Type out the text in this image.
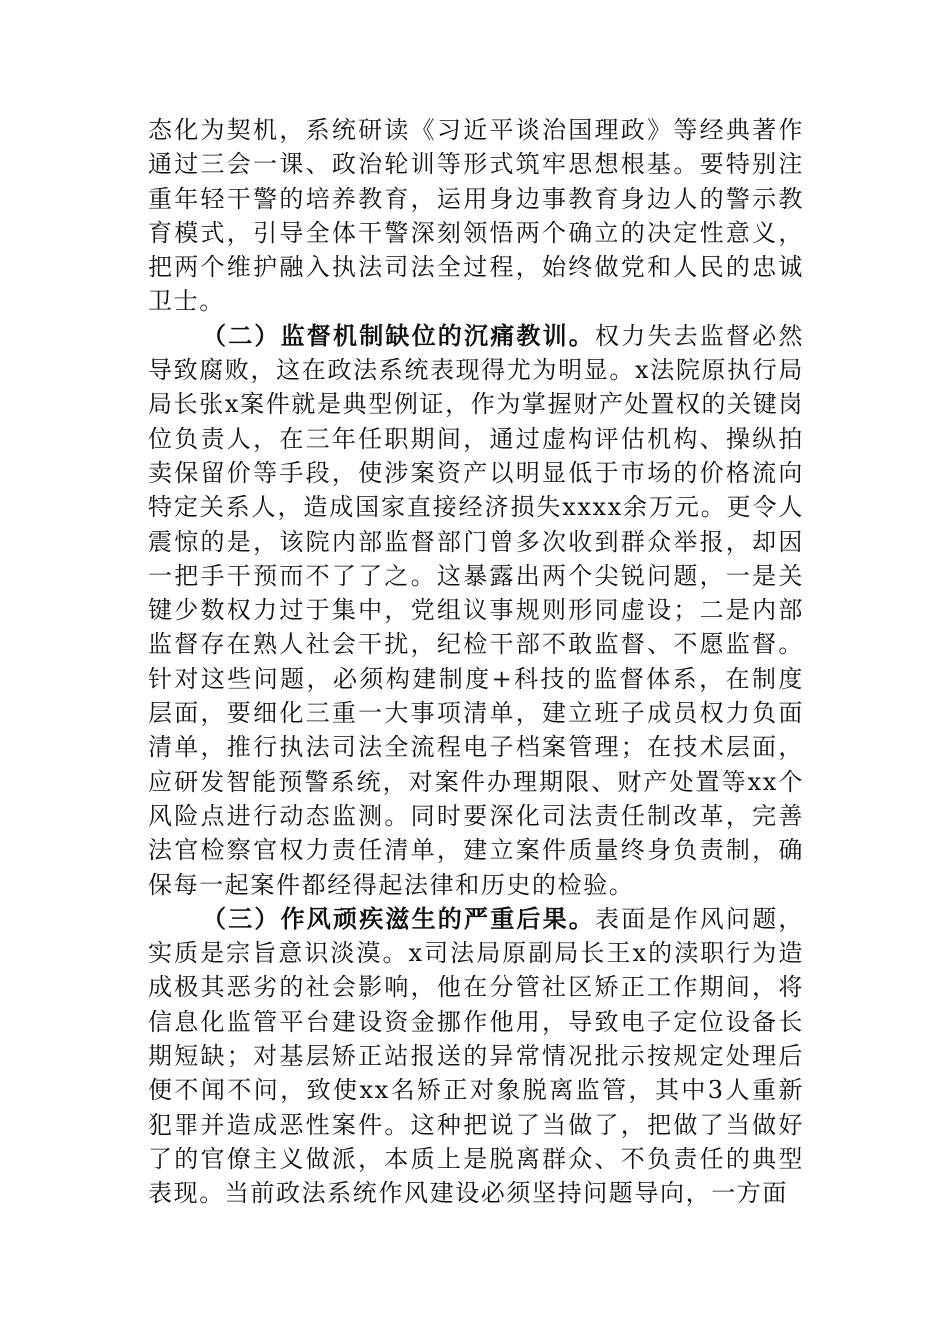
态化为契机，系统研读《习近平谈治国理政》等经典著作通过三会一课、政治轮训等形式筑牢思想根基。要特别注重年轻干警的培养教育，运用身边事教育身边人的警示教育模式，引导全体干警深刻领悟两个确立的决定性意义，把两个维护融入执法司法全过程，始终做党和人民的忠诚卫士。

（二）监督机制缺位的沉痛教训。权力失去监督必然导致腐败，这在政法系统表现得尤为明显。x法院原执行局局长张x案件就是典型例证，作为掌握财产处置权的关键岗位负责人，在三年任职期间，通过虚构评估机构、操纵拍卖保留价等手段，使涉案资产以明显低于市场的价格流向特定关系人，造成国家直接经济损失xxxx余万元。更令人震惊的是，该院内部监督部门曾多次收到群众举报，却因一把手干预而不了了之。这暴露出两个尖锐问题，一是关键少数权力过于集中，党组议事规则形同虚设；二是内部监督存在熟人社会干扰，纪检干部不敢监督、不愿监督。针对这些问题，必须构建制度+科技的监督体系，在制度层面，要细化三重一大事项清单，建立班子成员权力负面清单，推行执法司法全流程电子档案管理；在技术层面，应研发智能预警系统，对案件办理期限、财产处置等xx个风险点进行动态监测。同时要深化司法责任制改革，完善法官检察官权力责任清单，建立案件质量终身负责制，确保每一起案件都经得起法律和历史的检验。

（三）作风顽疾滋生的严重后果。表面是作风问题，实质是宗旨意识淡漠。x司法局原副局长王x的渎职行为造成极其恶劣的社会影响，他在分管社区矫正工作期间，将信息化监管平台建设资金挪作他用，导致电子定位设备长期短缺；对基层矫正站报送的异常情况批示按规定处理后便不闻不问，致使xx名矫正对象脱离监管，其中3人重新犯罪并造成恶性案件。这种把说了当做了，把做了当做好了的官僚主义做派，本质上是脱离群众、不负责任的典型表现。当前政法系统作风建设必须坚持问题导向，一方面
